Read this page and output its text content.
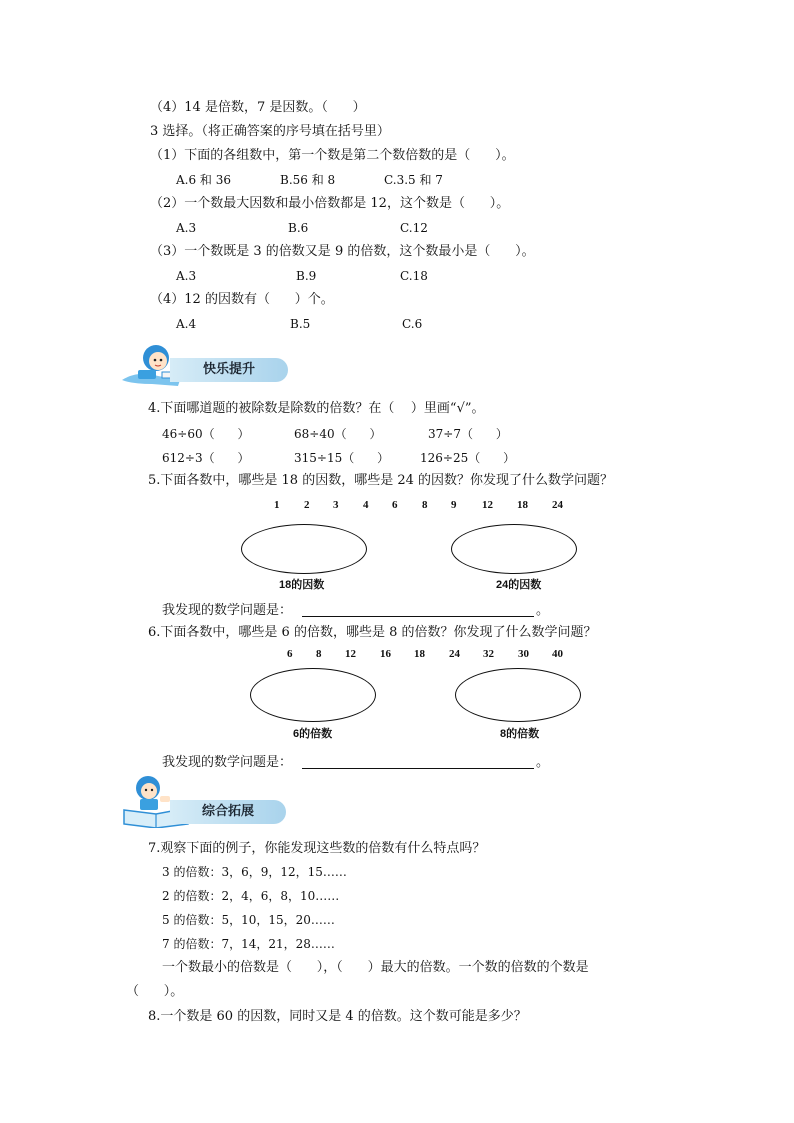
（4）14 是倍数，7 是因数。（      ）
3 选择。（将正确答案的序号填在括号里）
（1）下面的各组数中，第一个数是第二个数倍数的是（      ）。
A.6 和 36	B.56 和 8	C.3.5 和 7
（2）一个数最大因数和最小倍数都是 12，这个数是（      ）。
A.3	B.6	C.12
（3）一个数既是 3 的倍数又是 9 的倍数，这个数最小是（      ）。
A.3	B.9	C.18
（4）12 的因数有（      ）个。
A.4	B.5	C.6
快乐提升
4.下面哪道题的被除数是除数的倍数？在（    ）里画“√”。
46÷60（      ）	68÷40（      ）	37÷7（      ）
612÷3（      ）	315÷15（      ）	126÷25（      ）
5.下面各数中，哪些是 18 的因数，哪些是 24 的因数？你发现了什么数学问题？
1 2 3 4 6 8 9 12 18 24
18的因数	24的因数
我发现的数学问题是：	。
6.下面各数中，哪些是 6 的倍数，哪些是 8 的倍数？你发现了什么数学问题？
6 8 12 16 18 24 32 30 40
6的倍数	8的倍数
我发现的数学问题是：	。
综合拓展
7.观察下面的例子，你能发现这些数的倍数有什么特点吗？
3 的倍数：3，6，9，12，15……
2 的倍数：2，4，6，8，10……
5 的倍数：5，10，15，20……
7 的倍数：7，14，21，28……
一个数最小的倍数是（      ），（      ）最大的倍数。一个数的倍数的个数是
（      ）。
8.一个数是 60 的因数，同时又是 4 的倍数。这个数可能是多少？
